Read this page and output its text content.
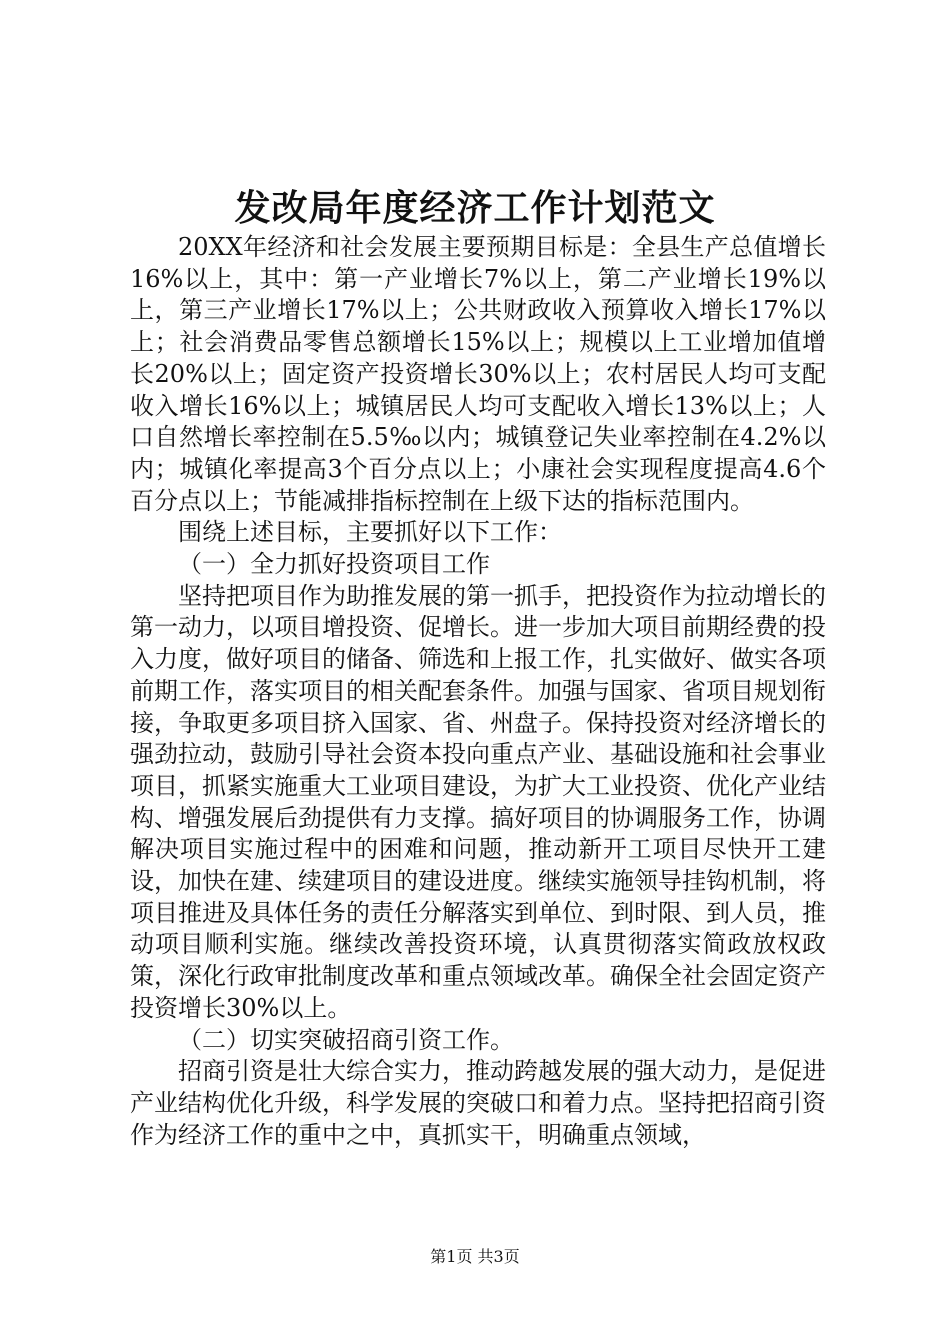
发改局年度经济工作计划范文

20XX年经济和社会发展主要预期目标是：全县生产总值增长16%以上，其中：第一产业增长7%以上，第二产业增长19%以上，第三产业增长17%以上；公共财政收入预算收入增长17%以上；社会消费品零售总额增长15%以上；规模以上工业增加值增长20%以上；固定资产投资增长30%以上；农村居民人均可支配收入增长16%以上；城镇居民人均可支配收入增长13%以上；人口自然增长率控制在5.5‰以内；城镇登记失业率控制在4.2%以内；城镇化率提高3个百分点以上；小康社会实现程度提高4.6个百分点以上；节能减排指标控制在上级下达的指标范围内。

围绕上述目标，主要抓好以下工作：

（一）全力抓好投资项目工作

坚持把项目作为助推发展的第一抓手，把投资作为拉动增长的第一动力，以项目增投资、促增长。进一步加大项目前期经费的投入力度，做好项目的储备、筛选和上报工作，扎实做好、做实各项前期工作，落实项目的相关配套条件。加强与国家、省项目规划衔接，争取更多项目挤入国家、省、州盘子。保持投资对经济增长的强劲拉动，鼓励引导社会资本投向重点产业、基础设施和社会事业项目，抓紧实施重大工业项目建设，为扩大工业投资、优化产业结构、增强发展后劲提供有力支撑。搞好项目的协调服务工作，协调解决项目实施过程中的困难和问题，推动新开工项目尽快开工建设，加快在建、续建项目的建设进度。继续实施领导挂钩机制，将项目推进及具体任务的责任分解落实到单位、到时限、到人员，推动项目顺利实施。继续改善投资环境，认真贯彻落实简政放权政策，深化行政审批制度改革和重点领域改革。确保全社会固定资产投资增长30%以上。

（二）切实突破招商引资工作。

招商引资是壮大综合实力，推动跨越发展的强大动力，是促进产业结构优化升级，科学发展的突破口和着力点。坚持把招商引资作为经济工作的重中之中，真抓实干，明确重点领域，

第1页 共3页
